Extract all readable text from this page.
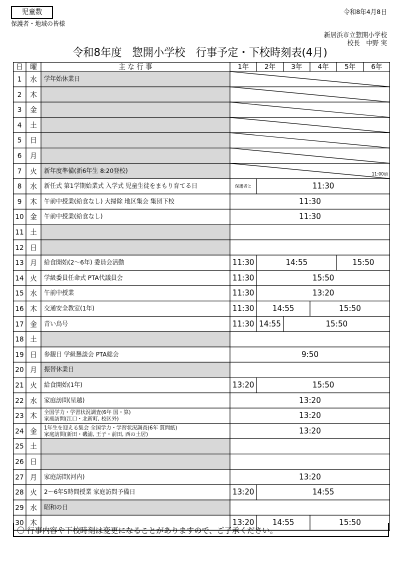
児童数
保護者・地域の皆様
令和8年4月8日
新居浜市立惣開小学校
校長　中野 実
令和8年度　惣開小学校　行事予定・下校時刻表(4月)
日 曜	主 な 行 事	1年 2年 3年 4年 5年 6年
1 水 学年始休業日
2 木
3 金
4 土
5 日
6 月
7 火 新年度準備(新6年生 8:20登校)	11:00頃
8 水 新任式 第1学期始業式 入学式 児童生徒をまもり育てる日	保護者と	11:30
9 木 午前中授業(給食なし) 大掃除 地区集会 集団下校	11:30
10 金 午前中授業(給食なし)	11:30
11 土
12 日
13 月 給食開始(2～6年) 委員会活動	11:30	14:55	15:50
14 火 学級委員任命式 PTA代議員会	11:30	15:50
15 水 午前中授業	11:30	13:20
16 木 交通安全教室(1年)	11:30 14:55	15:50
17 金 青い鳥号	11:30 14:55	15:50
18 土
19 日 参観日 学級懇談会 PTA総会	9:50
20 月 振替休業日
21 火 給食開始(1年)	13:20	15:50
22 水 家庭訪問(星越)	13:20
23 木 全国学力・学習状況調査(6年 国・算)
家庭訪問(江口・北新町, 校区外)	13:20
24 金 1年生を迎える集会 全国学力・学習状況調査(6年 質問紙)
家庭訪問(新田・磯浦, 王子・前田, 西の土居)	13:20
25 土
26 日
27 月 家庭訪問(河内)	13:20
28 火 2～6年5時間授業 家庭訪問予備日	13:20	14:55
29 水 昭和の日
30 木	13:20 14:55	15:50
〇 行事内容や下校時刻は変更になることがありますので、ご了承ください。
